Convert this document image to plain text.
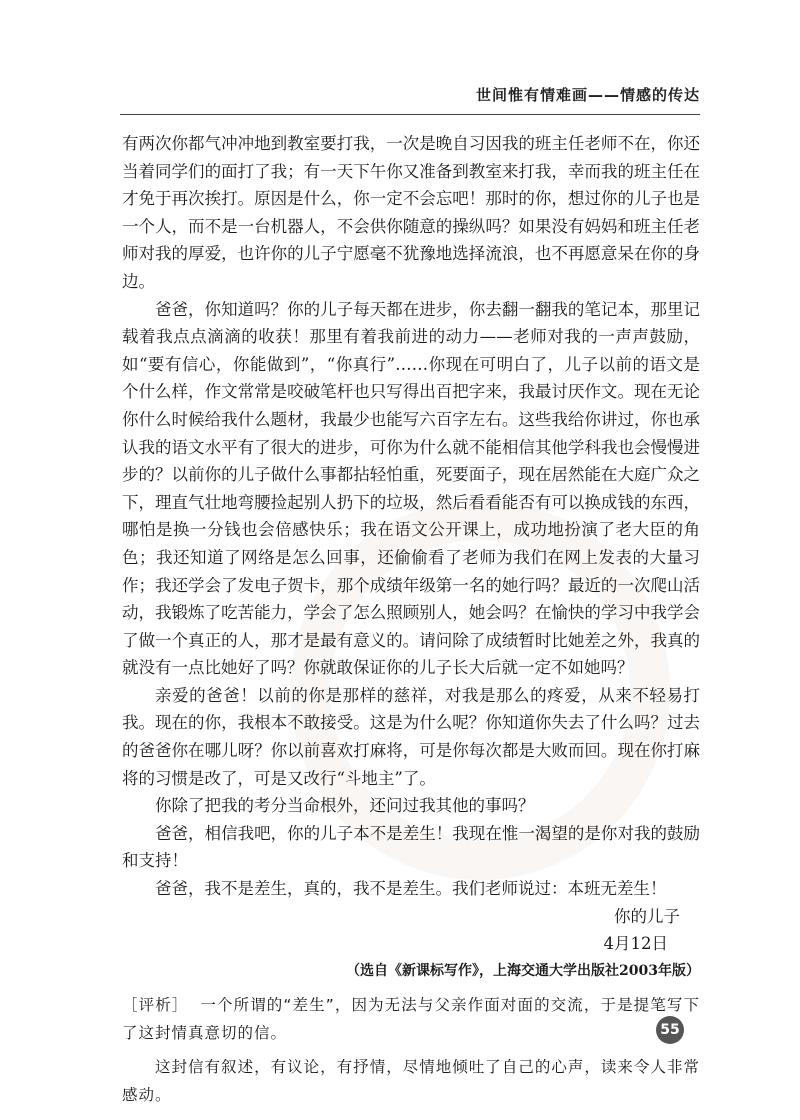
世间惟有情难画——情感的传达

有两次你都气冲冲地到教室要打我，一次是晚自习因我的班主任老师不在，你还当着同学们的面打了我；有一天下午你又准备到教室来打我，幸而我的班主任在才免于再次挨打。原因是什么，你一定不会忘吧！那时的你，想过你的儿子也是一个人，而不是一台机器人，不会供你随意的操纵吗？如果没有妈妈和班主任老师对我的厚爱，也许你的儿子宁愿毫不犹豫地选择流浪，也不再愿意呆在你的身边。

爸爸，你知道吗？你的儿子每天都在进步，你去翻一翻我的笔记本，那里记载着我点点滴滴的收获！那里有着我前进的动力——老师对我的一声声鼓励，如“要有信心，你能做到”，“你真行”……你现在可明白了，儿子以前的语文是个什么样，作文常常是咬破笔杆也只写得出百把字来，我最讨厌作文。现在无论你什么时候给我什么题材，我最少也能写六百字左右。这些我给你讲过，你也承认我的语文水平有了很大的进步，可你为什么就不能相信其他学科我也会慢慢进步的？以前你的儿子做什么事都拈轻怕重，死要面子，现在居然能在大庭广众之下，理直气壮地弯腰捡起别人扔下的垃圾，然后看看能否有可以换成钱的东西，哪怕是换一分钱也会倍感快乐；我在语文公开课上，成功地扮演了老大臣的角色；我还知道了网络是怎么回事，还偷偷看了老师为我们在网上发表的大量习作；我还学会了发电子贺卡，那个成绩年级第一名的她行吗？最近的一次爬山活动，我锻炼了吃苦能力，学会了怎么照顾别人，她会吗？在愉快的学习中我学会了做一个真正的人，那才是最有意义的。请问除了成绩暂时比她差之外，我真的就没有一点比她好了吗？你就敢保证你的儿子长大后就一定不如她吗？

亲爱的爸爸！以前的你是那样的慈祥，对我是那么的疼爱，从来不轻易打我。现在的你，我根本不敢接受。这是为什么呢？你知道你失去了什么吗？过去的爸爸你在哪儿呀？你以前喜欢打麻将，可是你每次都是大败而回。现在你打麻将的习惯是改了，可是又改行“斗地主”了。

你除了把我的考分当命根外，还问过我其他的事吗？

爸爸，相信我吧，你的儿子本不是差生！我现在惟一渴望的是你对我的鼓励和支持！

爸爸，我不是差生，真的，我不是差生。我们老师说过：本班无差生！

你的儿子

4月12日

（选自《新课标写作》，上海交通大学出版社2003年版）

［评析］ 一个所谓的“差生”，因为无法与父亲作面对面的交流，于是提笔写下了这封情真意切的信。

这封信有叙述，有议论，有抒情，尽情地倾吐了自己的心声，读来令人非常感动。

55
